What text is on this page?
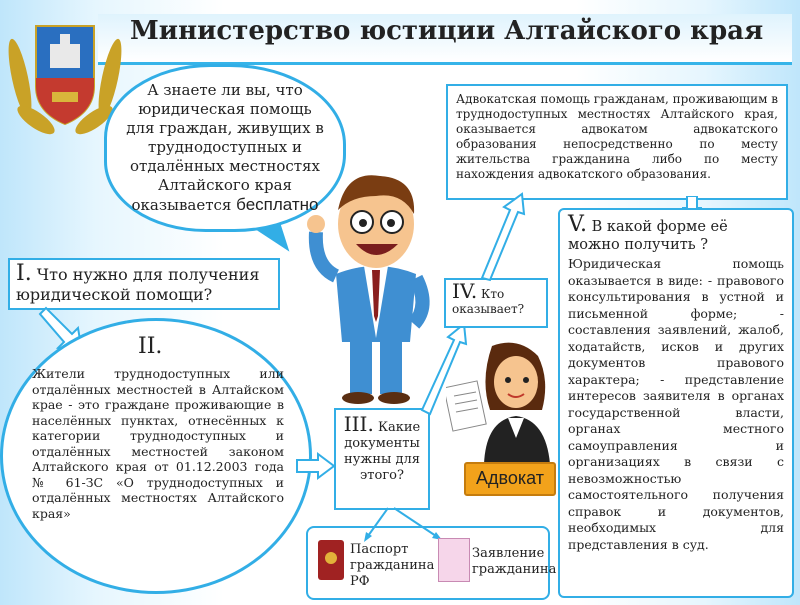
Министерство юстиции Алтайского края
А знаете ли вы, что
юридическая помощь
для граждан, живущих в
труднодоступных и
отдалённых местностях
Алтайского края
оказывается бесплатно
Адвокатская помощь гражданам, проживающим в труднодоступных местностях Алтайского края, оказывается адвокатом адвокатского образования непосредственно по месту жительства гражданина либо по месту нахождения адвокатского образования.
I. Что нужно для получения юридической помощи?
II.
Жители труднодоступных или отдалённых местностей в Алтайском крае - это граждане проживающие в населённых пунктах, отнесённых к категории труднодоступных и отдалённых местностей законом Алтайского края от 01.12.2003 года № 61-ЗС «О труднодоступных и отдалённых местностях Алтайского края»
III. Какие документы нужны для этого?
IV. Кто оказывает?
Адвокат
V. В какой форме её можно получить ?
Юридическая помощь оказывается в виде: - правового консультирования в устной и письменной форме; - составления заявлений, жалоб, ходатайств, исков и других документов правового характера; - представление интересов заявителя в органах государственной власти, органах местного самоуправления и организациях в связи с невозможностью самостоятельного получения справок и документов, необходимых для представления в суд.
Паспорт гражданина РФ
Заявление гражданина
